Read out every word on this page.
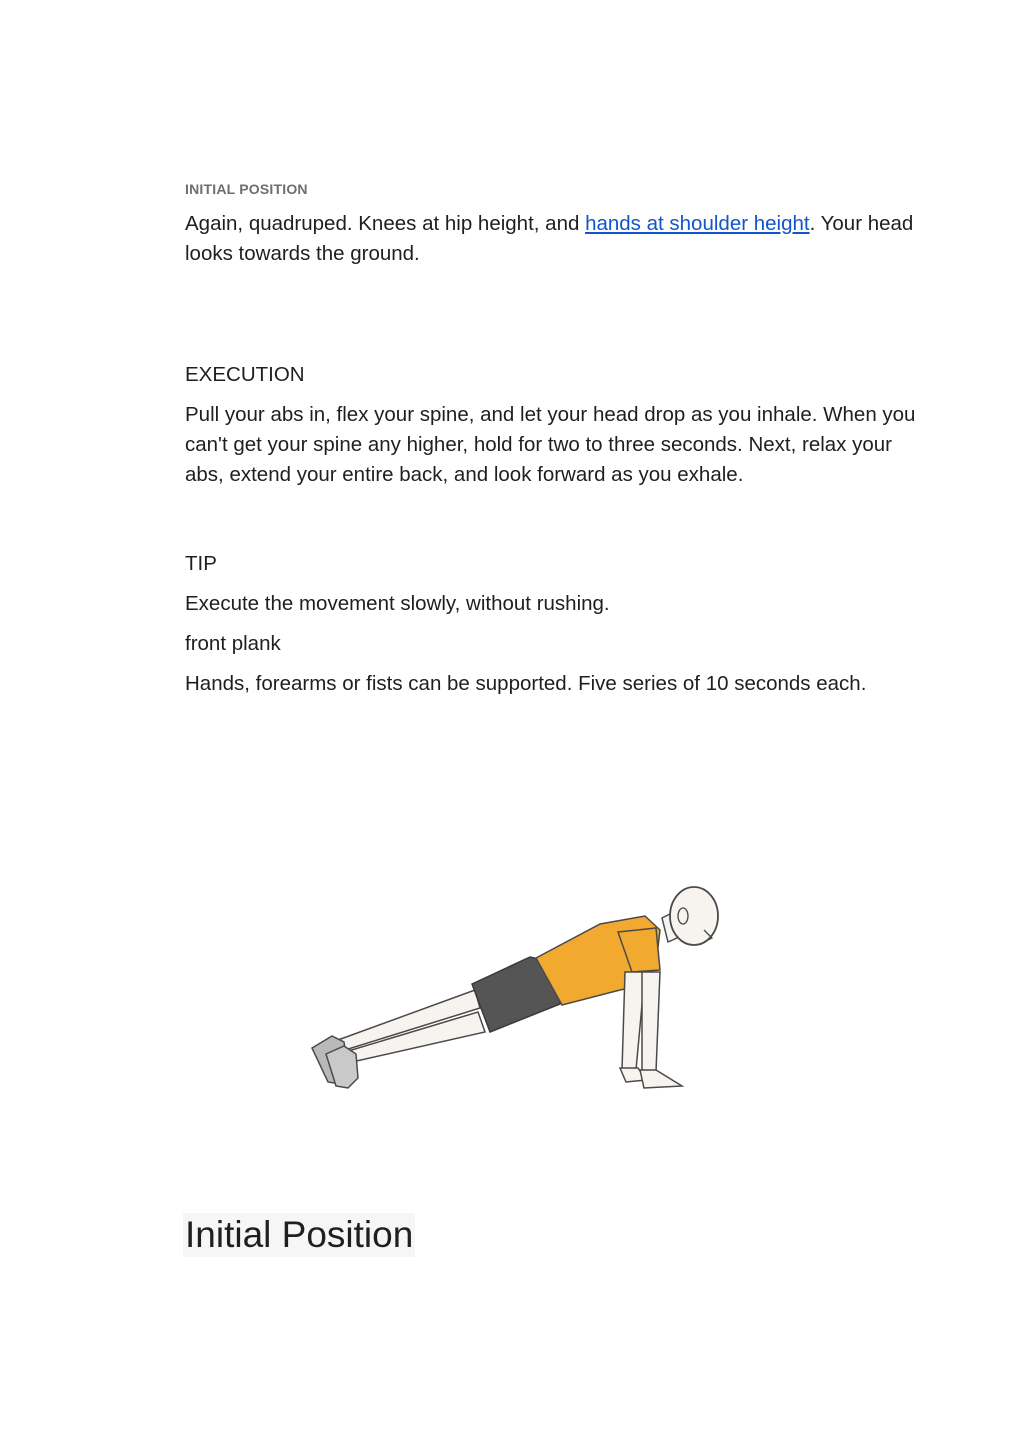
INITIAL POSITION
Again, quadruped. Knees at hip height, and hands at shoulder height. Your head looks towards the ground.
EXECUTION
Pull your abs in, flex your spine, and let your head drop as you inhale. When you can't get your spine any higher, hold for two to three seconds. Next, relax your abs, extend your entire back, and look forward as you exhale.
TIP
Execute the movement slowly, without rushing.
front plank
Hands, forearms or fists can be supported. Five series of 10 seconds each.
Initial Position
